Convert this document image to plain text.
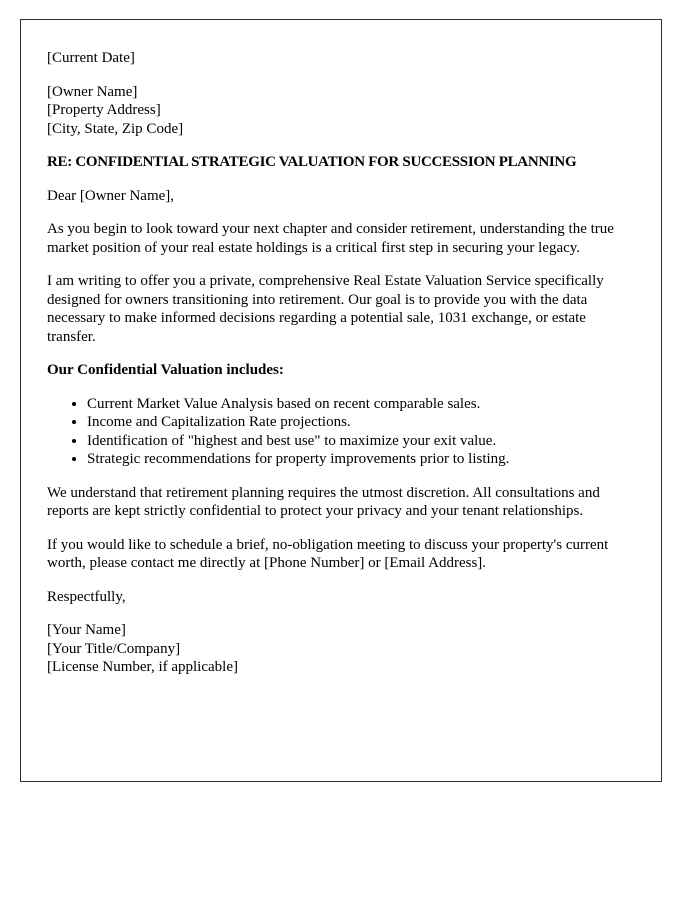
[Current Date]

[Owner Name]
[Property Address]
[City, State, Zip Code]

RE: CONFIDENTIAL STRATEGIC VALUATION FOR SUCCESSION PLANNING

Dear [Owner Name],

As you begin to look toward your next chapter and consider retirement, understanding the true market position of your real estate holdings is a critical first step in securing your legacy.

I am writing to offer you a private, comprehensive Real Estate Valuation Service specifically designed for owners transitioning into retirement. Our goal is to provide you with the data necessary to make informed decisions regarding a potential sale, 1031 exchange, or estate transfer.

Our Confidential Valuation includes:

• Current Market Value Analysis based on recent comparable sales.
• Income and Capitalization Rate projections.
• Identification of "highest and best use" to maximize your exit value.
• Strategic recommendations for property improvements prior to listing.

We understand that retirement planning requires the utmost discretion. All consultations and reports are kept strictly confidential to protect your privacy and your tenant relationships.

If you would like to schedule a brief, no-obligation meeting to discuss your property's current worth, please contact me directly at [Phone Number] or [Email Address].

Respectfully,

[Your Name]
[Your Title/Company]
[License Number, if applicable]
